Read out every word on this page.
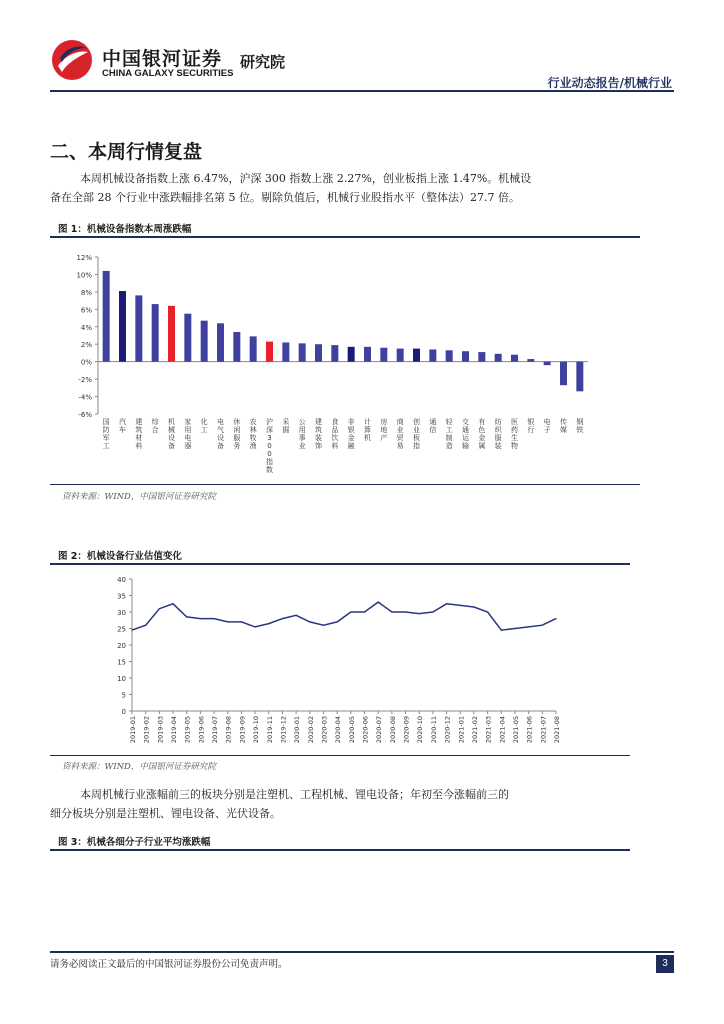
中国银河证券
CHINA GALAXY SECURITIES
研究院
行业动态报告/机械行业
二、本周行情复盘
本周机械设备指数上涨 6.47%，沪深 300 指数上涨 2.27%，创业板指上涨 1.47%。机械设
备在全部 28 个行业中涨跌幅排名第 5 位。剔除负值后，机械行业股指水平（整体法）27.7 倍。
图 1：机械设备指数本周涨跌幅
12%
10%
8%
6%
4%
2%
0%
-2%
-4%
-6%
国防军工
汽车
建筑材料
综合
机械设备
家用电器
化工
电气设备
休闲服务
农林牧渔
沪深 3 0 0 指数
采掘
公用事业
建筑装饰
食品饮料
非银金融
计算机
房地产
商业贸易
创业板指
通信
轻工制造
交通运输
有色金属
纺织服装
医药生物
银行
电子
传媒
钢铁
资料来源：WIND，中国银河证券研究院
图 2：机械设备行业估值变化
40
35
30
25
20
15
10
5
0
2019-01 2019-02 2019-03 2019-04 2019-05 2019-06 2019-07 2019-08 2019-09 2019-10 2019-11 2019-12 2020-01 2020-02 2020-03 2020-04 2020-05 2020-06 2020-07 2020-08 2020-09 2020-10 2020-11 2020-12 2021-01 2021-02 2021-03 2021-04 2021-05 2021-06 2021-07 2021-08
资料来源：WIND，中国银河证券研究院
本周机械行业涨幅前三的板块分别是注塑机、工程机械、锂电设备；年初至今涨幅前三的
细分板块分别是注塑机、锂电设备、光伏设备。
图 3：机械各细分子行业平均涨跌幅
请务必阅读正文最后的中国银河证券股份公司免责声明。	3
